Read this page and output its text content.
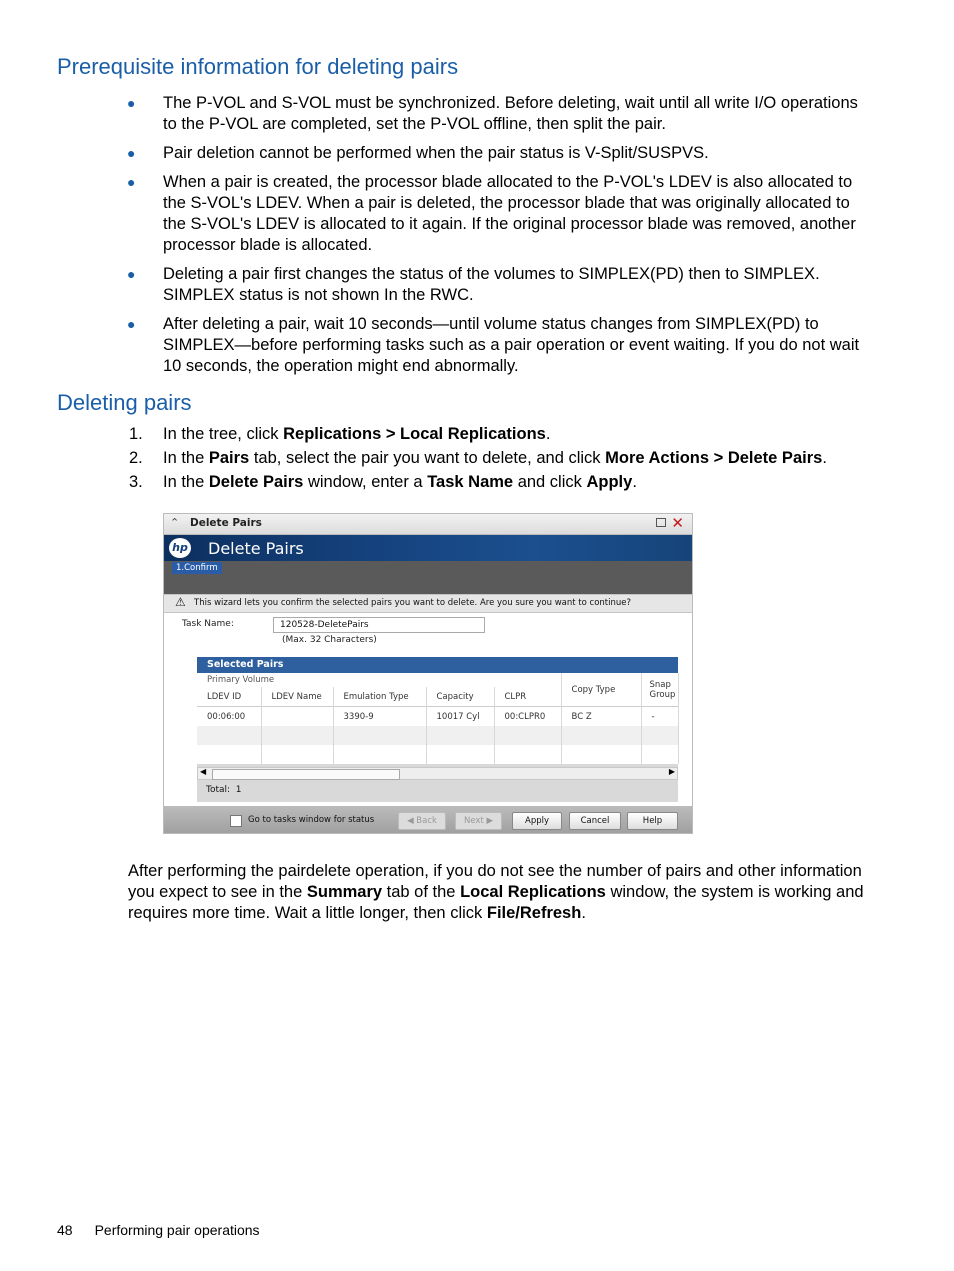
Prerequisite information for deleting pairs
● The P-VOL and S-VOL must be synchronized. Before deleting, wait until all write I/O operations to the P-VOL are completed, set the P-VOL offline, then split the pair.
● Pair deletion cannot be performed when the pair status is V-Split/SUSPVS.
● When a pair is created, the processor blade allocated to the P-VOL's LDEV is also allocated to the S-VOL's LDEV. When a pair is deleted, the processor blade that was originally allocated to the S-VOL's LDEV is allocated to it again. If the original processor blade was removed, another processor blade is allocated.
● Deleting a pair first changes the status of the volumes to SIMPLEX(PD) then to SIMPLEX. SIMPLEX status is not shown In the RWC.
● After deleting a pair, wait 10 seconds—until volume status changes from SIMPLEX(PD) to SIMPLEX—before performing tasks such as a pair operation or event waiting. If you do not wait 10 seconds, the operation might end abnormally.
Deleting pairs
1. In the tree, click Replications > Local Replications.
2. In the Pairs tab, select the pair you want to delete, and click More Actions > Delete Pairs.
3. In the Delete Pairs window, enter a Task Name and click Apply.
⌃ Delete Pairs	✕
hp Delete Pairs
1.Confirm
⚠ This wizard lets you confirm the selected pairs you want to delete. Are you sure you want to continue?
Task Name:	120528-DeletePairs
(Max. 32 Characters)
Selected Pairs
Primary Volume					Copy Type	Snap Group
LDEV ID	LDEV Name	Emulation Type	Capacity	CLPR		
00:06:00		3390-9	10017 Cyl	00:CLPR0	BC Z	-

◀	▶
Total: 1
Go to tasks window for status	◀ Back	Next ▶	Apply	Cancel	Help

After performing the pairdelete operation, if you do not see the number of pairs and other information you expect to see in the Summary tab of the Local Replications window, the system is working and requires more time. Wait a little longer, then click File/Refresh.

48 Performing pair operations
